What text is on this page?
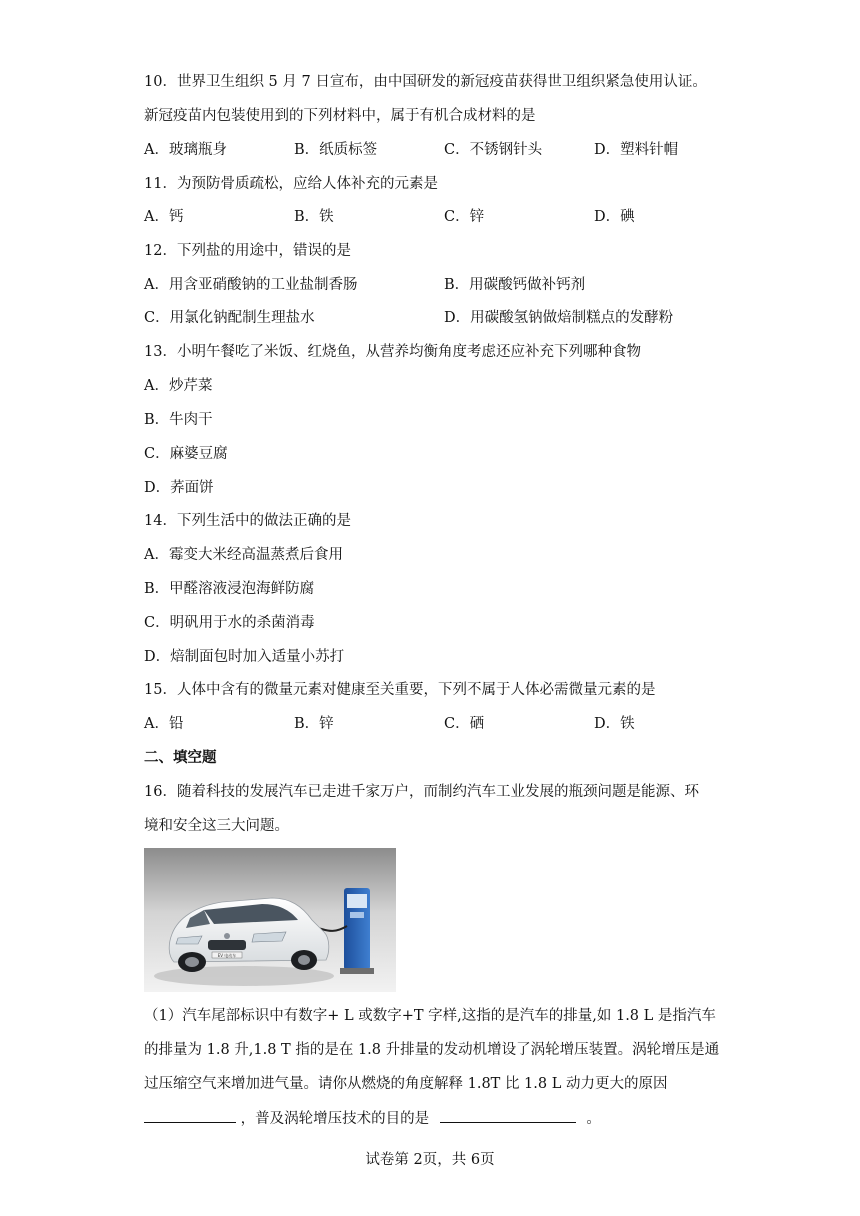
10．世界卫生组织 5 月 7 日宣布，由中国研发的新冠疫苗获得世卫组织紧急使用认证。
新冠疫苗内包装使用到的下列材料中，属于有机合成材料的是
A．玻璃瓶身	B．纸质标签	C．不锈钢针头	D．塑料针帽
11．为预防骨质疏松，应给人体补充的元素是
A．钙	B．铁	C．锌	D．碘
12．下列盐的用途中，错误的是
A．用含亚硝酸钠的工业盐制香肠	B．用碳酸钙做补钙剂
C．用氯化钠配制生理盐水	D．用碳酸氢钠做焙制糕点的发酵粉
13．小明午餐吃了米饭、红烧鱼，从营养均衡角度考虑还应补充下列哪种食物
A．炒芹菜
B．牛肉干
C．麻婆豆腐
D．荞面饼
14．下列生活中的做法正确的是
A．霉变大米经高温蒸煮后食用
B．甲醛溶液浸泡海鲜防腐
C．明矾用于水的杀菌消毒
D．焙制面包时加入适量小苏打
15．人体中含有的微量元素对健康至关重要，下列不属于人体必需微量元素的是
A．铅	B．锌	C．硒	D．铁
二、填空题
16．随着科技的发展汽车已走进千家万户，而制约汽车工业发展的瓶颈问题是能源、环
境和安全这三大问题。
EV 电动车
（1）汽车尾部标识中有数字+ L 或数字+T 字样,这指的是汽车的排量,如 1.8 L 是指汽车
的排量为 1.8 升,1.8 T 指的是在 1.8 升排量的发动机增设了涡轮增压装置。涡轮增压是通
过压缩空气来增加进气量。请你从燃烧的角度解释 1.8T 比 1.8 L 动力更大的原因
，普及涡轮增压技术的目的是	。
试卷第 2页，共 6页
